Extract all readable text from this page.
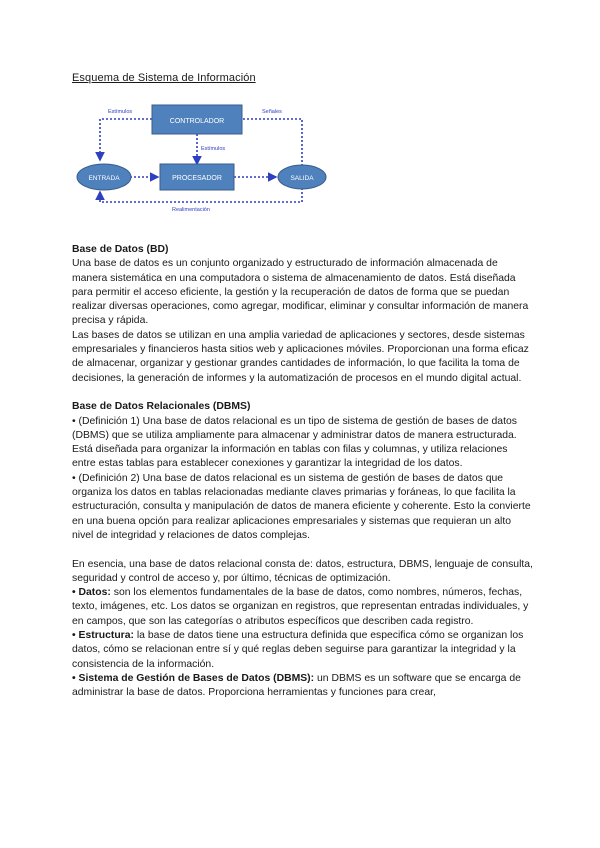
Esquema de Sistema de Información
CONTROLADOR
PROCESADOR
ENTRADA	SALIDA
Estímulos	Señales
Estímulos
Realimentación

Base de Datos (BD)

Una base de datos es un conjunto organizado y estructurado de información almacenada de manera sistemática en una computadora o sistema de almacenamiento de datos. Está diseñada para permitir el acceso eficiente, la gestión y la recuperación de datos de forma que se puedan realizar diversas operaciones, como agregar, modificar, eliminar y consultar información de manera precisa y rápida.

Las bases de datos se utilizan en una amplia variedad de aplicaciones y sectores, desde sistemas empresariales y financieros hasta sitios web y aplicaciones móviles. Proporcionan una forma eficaz de almacenar, organizar y gestionar grandes cantidades de información, lo que facilita la toma de decisiones, la generación de informes y la automatización de procesos en el mundo digital actual.

Base de Datos Relacionales (DBMS)

• (Definición 1) Una base de datos relacional es un tipo de sistema de gestión de bases de datos (DBMS) que se utiliza ampliamente para almacenar y administrar datos de manera estructurada. Está diseñada para organizar la información en tablas con filas y columnas, y utiliza relaciones entre estas tablas para establecer conexiones y garantizar la integridad de los datos.

• (Definición 2) Una base de datos relacional es un sistema de gestión de bases de datos que organiza los datos en tablas relacionadas mediante claves primarias y foráneas, lo que facilita la estructuración, consulta y manipulación de datos de manera eficiente y coherente. Esto la convierte en una buena opción para realizar aplicaciones empresariales y sistemas que requieran un alto nivel de integridad y relaciones de datos complejas.

En esencia, una base de datos relacional consta de: datos, estructura, DBMS, lenguaje de consulta, seguridad y control de acceso y, por último, técnicas de optimización.

• Datos: son los elementos fundamentales de la base de datos, como nombres, números, fechas, texto, imágenes, etc. Los datos se organizan en registros, que representan entradas individuales, y en campos, que son las categorías o atributos específicos que describen cada registro.

• Estructura: la base de datos tiene una estructura definida que especifica cómo se organizan los datos, cómo se relacionan entre sí y qué reglas deben seguirse para garantizar la integridad y la consistencia de la información.

• Sistema de Gestión de Bases de Datos (DBMS): un DBMS es un software que se encarga de administrar la base de datos. Proporciona herramientas y funciones para crear,
